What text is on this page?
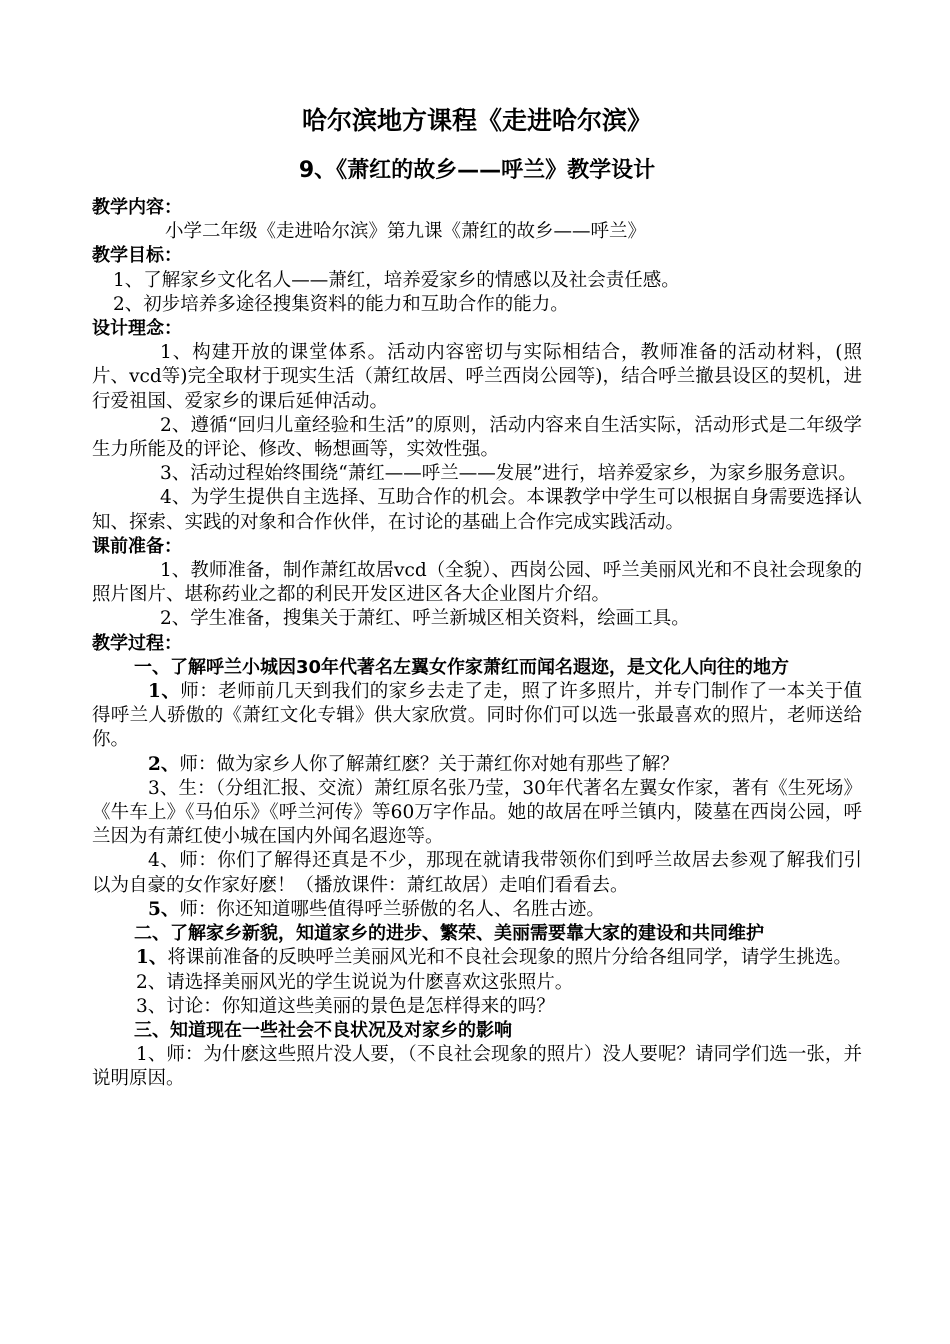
哈尔滨地方课程《走进哈尔滨》
9、《萧红的故乡——呼兰》教学设计
教学内容：

小学二年级《走进哈尔滨》第九课《萧红的故乡——呼兰》

教学目标：

1、了解家乡文化名人——萧红，培养爱家乡的情感以及社会责任感。

2、初步培养多途径搜集资料的能力和互助合作的能力。

设计理念：

1、构建开放的课堂体系。活动内容密切与实际相结合，教师准备的活动材料，(照片、vcd等)完全取材于现实生活（萧红故居、呼兰西岗公园等)，结合呼兰撤县设区的契机，进行爱祖国、爱家乡的课后延伸活动。

2、遵循“回归儿童经验和生活”的原则，活动内容来自生活实际，活动形式是二年级学生力所能及的评论、修改、畅想画等，实效性强。

3、活动过程始终围绕“萧红——呼兰——发展”进行，培养爱家乡，为家乡服务意识。

4、为学生提供自主选择、互助合作的机会。本课教学中学生可以根据自身需要选择认知、探索、实践的对象和合作伙伴，在讨论的基础上合作完成实践活动。

课前准备：

1、教师准备，制作萧红故居vcd（全貌）、西岗公园、呼兰美丽风光和不良社会现象的照片图片、堪称药业之都的利民开发区进区各大企业图片介绍。

2、学生准备，搜集关于萧红、呼兰新城区相关资料，绘画工具。

教学过程：

一、了解呼兰小城因30年代著名左翼女作家萧红而闻名遐迩，是文化人向往的地方

1、师：老师前几天到我们的家乡去走了走，照了许多照片，并专门制作了一本关于值得呼兰人骄傲的《萧红文化专辑》供大家欣赏。同时你们可以选一张最喜欢的照片，老师送给你。

2、师：做为家乡人你了解萧红麽？关于萧红你对她有那些了解？

3、生：（分组汇报、交流）萧红原名张乃莹，30年代著名左翼女作家，著有《生死场》《牛车上》《马伯乐》《呼兰河传》等60万字作品。她的故居在呼兰镇内，陵墓在西岗公园，呼兰因为有萧红使小城在国内外闻名遐迩等。

4、师：你们了解得还真是不少，那现在就请我带领你们到呼兰故居去参观了解我们引以为自豪的女作家好麽！（播放课件：萧红故居）走咱们看看去。

5、师：你还知道哪些值得呼兰骄傲的名人、名胜古迹。

二、了解家乡新貌，知道家乡的进步、繁荣、美丽需要靠大家的建设和共同维护

1、将课前准备的反映呼兰美丽风光和不良社会现象的照片分给各组同学，请学生挑选。

2、请选择美丽风光的学生说说为什麽喜欢这张照片。

3、讨论：你知道这些美丽的景色是怎样得来的吗？

三、知道现在一些社会不良状况及对家乡的影响

1、师：为什麽这些照片没人要，（不良社会现象的照片）没人要呢？请同学们选一张，并说明原因。
